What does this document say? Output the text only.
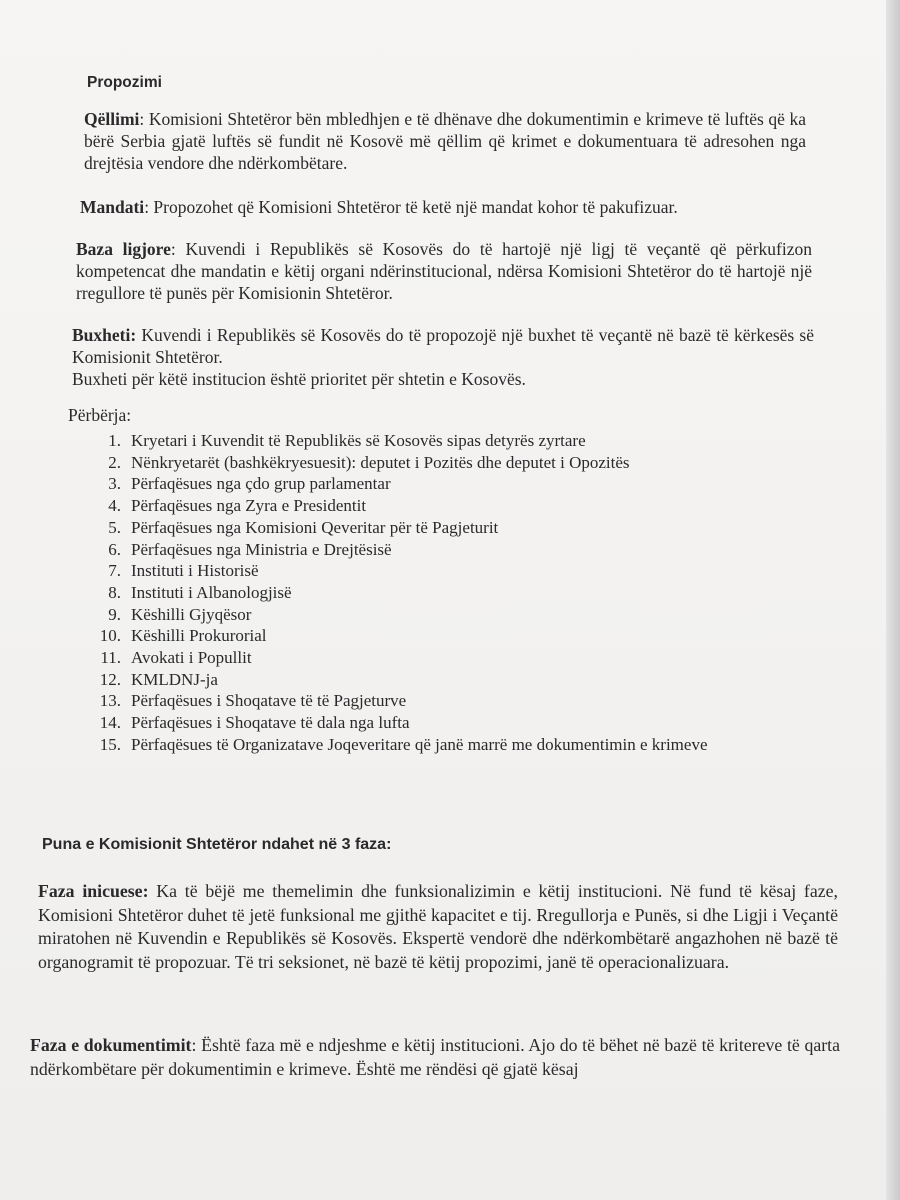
Propozimi
Qëllimi: Komisioni Shtetëror bën mbledhjen e të dhënave dhe dokumentimin e krimeve të luftës që ka bërë Serbia gjatë luftës së fundit në Kosovë më qëllim që krimet e dokumentuara të adresohen nga drejtësia vendore dhe ndërkombëtare.
Mandati: Propozohet që Komisioni Shtetëror të ketë një mandat kohor të pakufizuar.
Baza ligjore: Kuvendi i Republikës së Kosovës do të hartojë një ligj të veçantë që përkufizon kompetencat dhe mandatin e këtij organi ndërinstitucional, ndërsa Komisioni Shtetëror do të hartojë një rregullore të punës për Komisionin Shtetëror.
Buxheti: Kuvendi i Republikës së Kosovës do të propozojë një buxhet të veçantë në bazë të kërkesës së Komisionit Shtetëror.
Buxheti për këtë institucion është prioritet për shtetin e Kosovës.
Përbërja:
1. Kryetari i Kuvendit të Republikës së Kosovës sipas detyrës zyrtare
2. Nënkryetarët (bashkëkryesuesit): deputet i Pozitës dhe deputet i Opozitës
3. Përfaqësues nga çdo grup parlamentar
4. Përfaqësues nga Zyra e Presidentit
5. Përfaqësues nga Komisioni Qeveritar për të Pagjeturit
6. Përfaqësues nga Ministria e Drejtësisë
7. Instituti i Historisë
8. Instituti i Albanologjisë
9. Këshilli Gjyqësor
10. Këshilli Prokurorial
11. Avokati i Popullit
12. KMLDNJ-ja
13. Përfaqësues i Shoqatave të të Pagjeturve
14. Përfaqësues i Shoqatave të dala nga lufta
15. Përfaqësues të Organizatave Joqeveritare që janë marrë me dokumentimin e krimeve
Puna e Komisionit Shtetëror ndahet në 3 faza:
Faza inicuese: Ka të bëjë me themelimin dhe funksionalizimin e këtij institucioni. Në fund të kësaj faze, Komisioni Shtetëror duhet të jetë funksional me gjithë kapacitet e tij. Rregullorja e Punës, si dhe Ligji i Veçantë miratohen në Kuvendin e Republikës së Kosovës. Ekspertë vendorë dhe ndërkombëtarë angazhohen në bazë të organogramit të propozuar. Të tri seksionet, në bazë të këtij propozimi, janë të operacionalizuara.
Faza e dokumentimit: Është faza më e ndjeshme e këtij institucioni. Ajo do të bëhet në bazë të kritereve të qarta ndërkombëtare për dokumentimin e krimeve. Është me rëndësi që gjatë kësaj
